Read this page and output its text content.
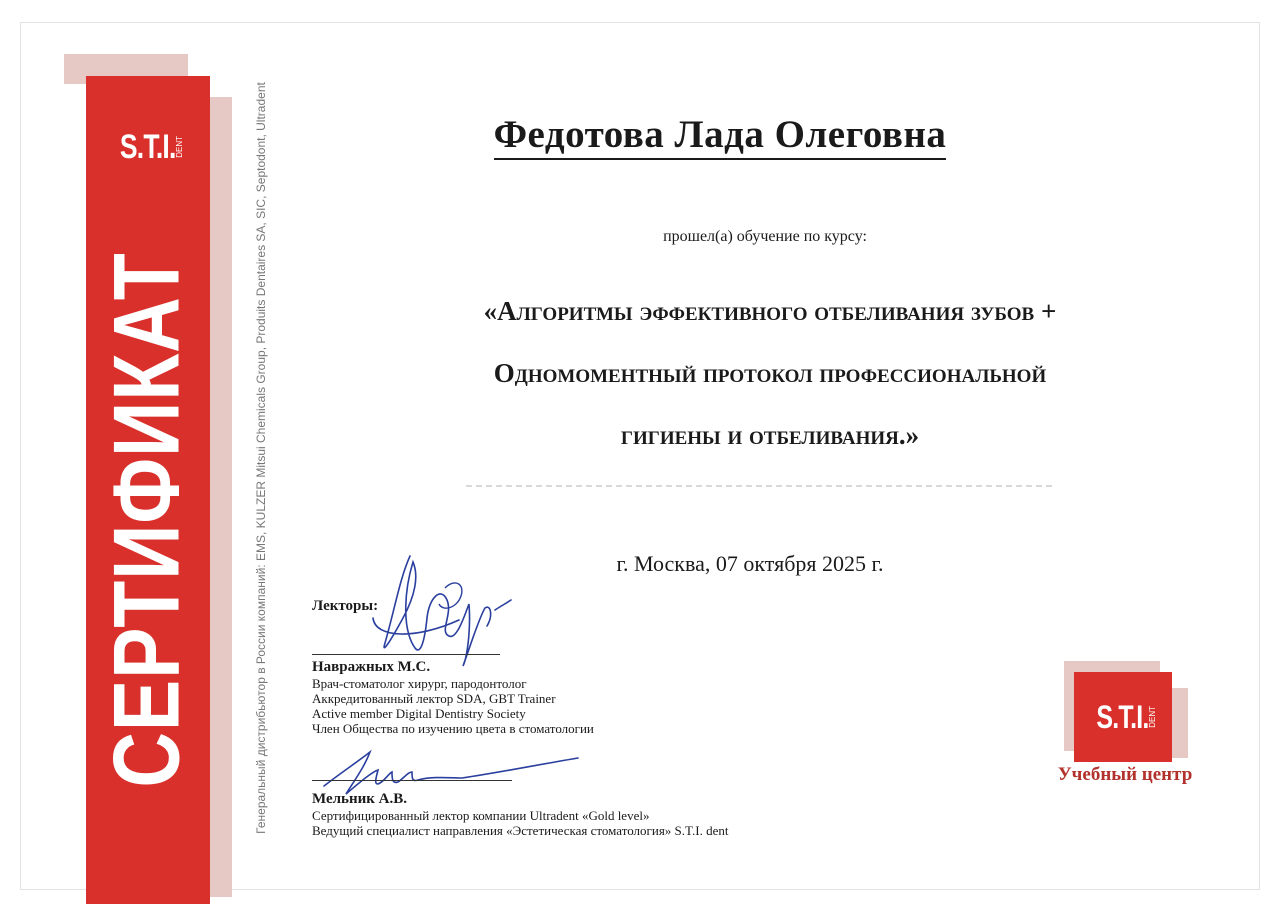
S.T.I. DENT
СЕРТИФИКАТ	Генеральный дистрибьютор в России компаний: EMS, KULZER Mitsui Chemicals Group, Produits Dentaires SA, SIC, Septodont, Ultradent	Федотова Лада Олеговна
прошел(а) обучение по курсу:
«Алгоритмы эффективного отбеливания зубов +
Одномоментный протокол профессиональной
гигиены и отбеливания.»
г. Москва, 07 октября 2025 г.
Лекторы:
Навражных М.С.
Врач-стоматолог хирург, пародонтолог
Аккредитованный лектор SDA, GBT Trainer
Active member Digital Dentistry Society
Член Общества по изучению цвета в стоматологии
Мельник А.В.
Сертифицированный лектор компании Ultradent «Gold level»
Ведущий специалист направления «Эстетическая стоматология» S.T.I. dent
S.T.I. DENT
Учебный центр
